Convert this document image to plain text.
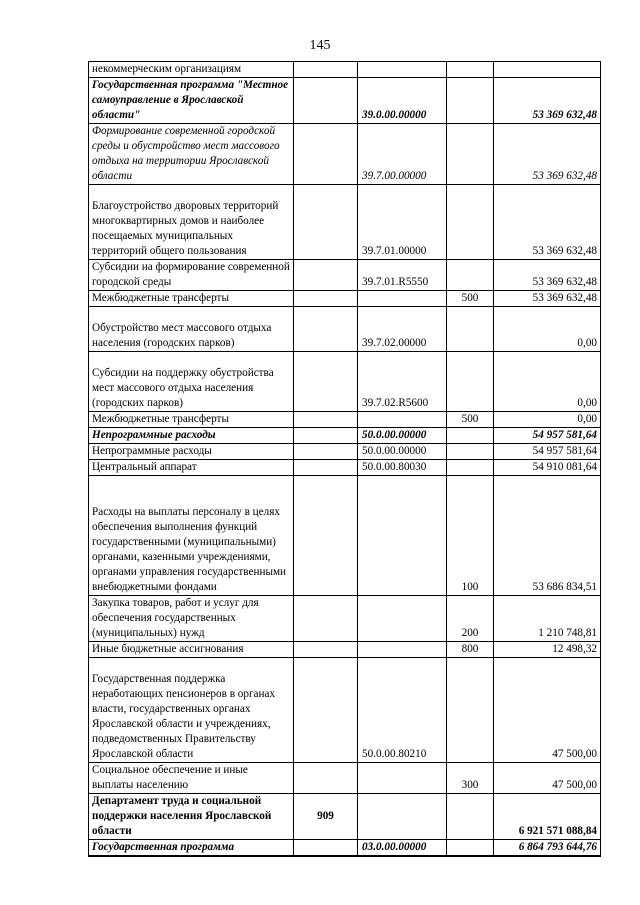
145
некоммерческим организациям				
Государственная программа "Местное самоуправление в Ярославской области"		39.0.00.00000		53 369 632,48
Формирование современной городской среды и обустройство мест массового отдыха на территории Ярославской области		39.7.00.00000		53 369 632,48
Благоустройство дворовых территорий многоквартирных домов и наиболее посещаемых муниципальных территорий общего пользования		39.7.01.00000		53 369 632,48
Субсидии на формирование современной городской среды		39.7.01.R5550		53 369 632,48
Межбюджетные трансферты			500	53 369 632,48
Обустройство мест массового отдыха населения (городских парков)		39.7.02.00000		0,00
Субсидии на поддержку обустройства мест массового отдыха населения (городских парков)		39.7.02.R5600		0,00
Межбюджетные трансферты			500	0,00
Непрограммные расходы		50.0.00.00000		54 957 581,64
Непрограммные расходы		50.0.00.00000		54 957 581,64
Центральный аппарат		50.0.00.80030		54 910 081,64
Расходы на выплаты персоналу в целях обеспечения выполнения функций государственными (муниципальными) органами, казенными учреждениями, органами управления государственными внебюджетными фондами			100	53 686 834,51
Закупка товаров, работ и услуг для обеспечения государственных (муниципальных) нужд			200	1 210 748,81
Иные бюджетные ассигнования			800	12 498,32
Государственная поддержка неработающих пенсионеров в органах власти, государственных органах Ярославской области и учреждениях, подведомственных Правительству Ярославской области		50.0.00.80210		47 500,00
Социальное обеспечение и иные выплаты населению			300	47 500,00
Департамент труда и социальной поддержки населения Ярославской области	909			6 921 571 088,84
Государственная программа		03.0.00.00000		6 864 793 644,76
